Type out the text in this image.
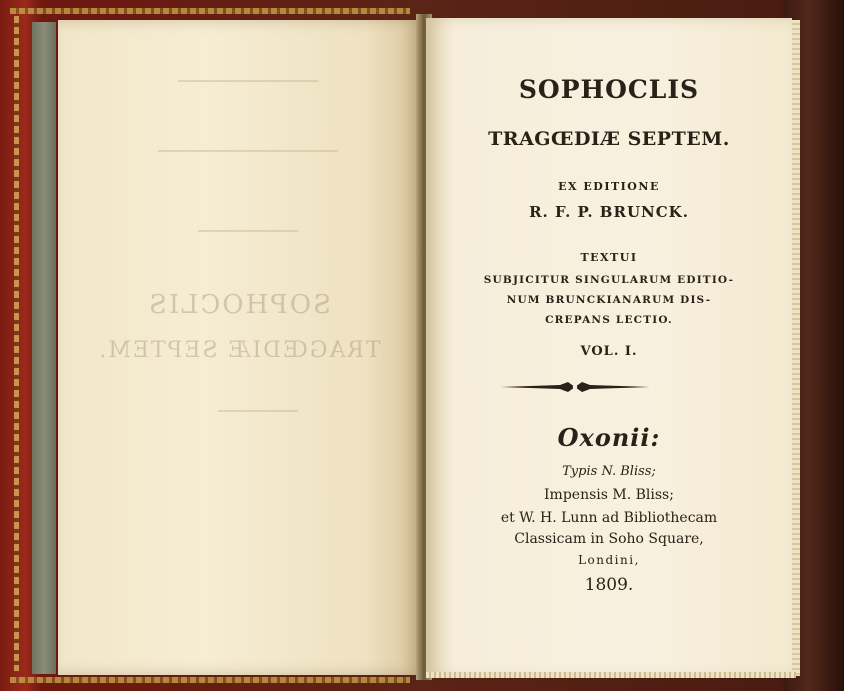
SOPHOCLIS
TRAGŒDIÆ SEPTEM.
SOPHOCLIS
TRAGŒDIÆ SEPTEM.
EX EDITIONE
R. F. P. BRUNCK.
TEXTUI
SUBJICITUR SINGULARUM EDITIO-
NUM BRUNCKIANARUM DIS-
CREPANS LECTIO.
VOL. I.
Oxonii:
Typis N. Bliss;
Impensis M. Bliss;
et W. H. Lunn ad Bibliothecam
Classicam in Soho Square,
Londini,
1809.
